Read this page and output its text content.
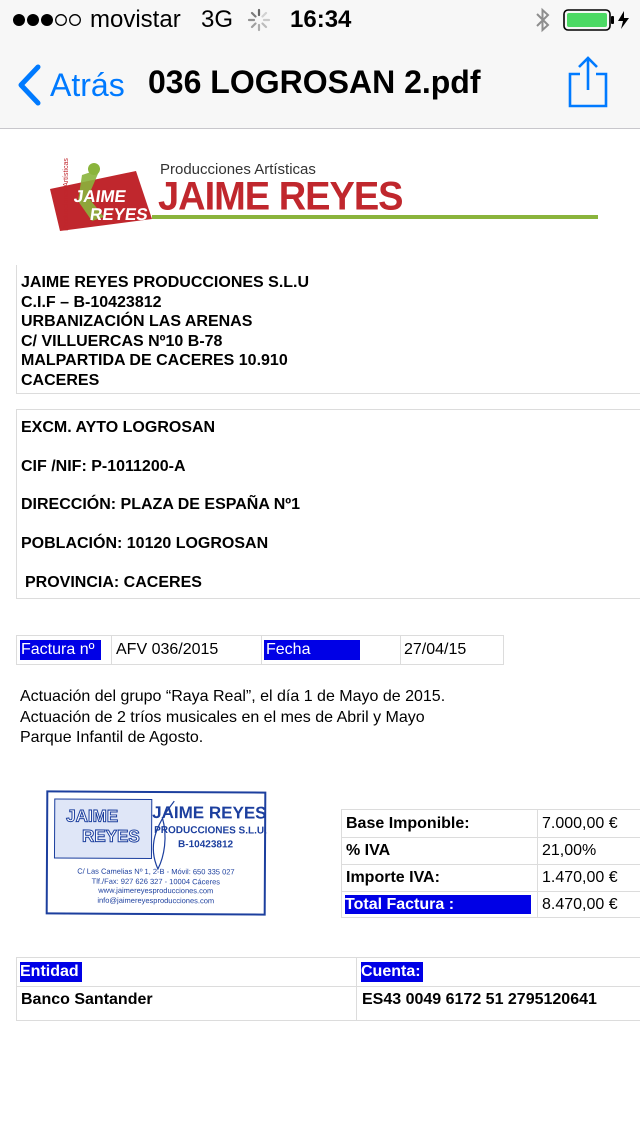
movistar 3G 16:34
Atrás 036 LOGROSAN 2.pdf
JAIME
REYES
Producciones Artísticas	Producciones Artísticas
JAIME REYES
JAIME REYES PRODUCCIONES S.L.U
C.I.F – B-10423812
URBANIZACIÓN LAS ARENAS
C/ VILLUERCAS Nº10 B-78
MALPARTIDA DE CACERES 10.910
CACERES
EXCM. AYTO LOGROSAN
CIF /NIF: P-1011200-A
DIRECCIÓN: PLAZA DE ESPAÑA Nº1
POBLACIÓN: 10120 LOGROSAN
PROVINCIA: CACERES
Factura nº	AFV 036/2015	Fecha	27/04/15
Actuación del grupo “Raya Real”, el día 1 de Mayo de 2015.
Actuación de 2 tríos musicales en el mes de Abril y Mayo
Parque Infantil de Agosto.
JAIME
REYES
JAIME REYES
PRODUCCIONES S.L.U.
B-10423812
C/ Las Camelias Nº 1, 2-B - Móvil: 650 335 027
Tlf./Fax: 927 626 327 - 10004 Cáceres
www.jaimereyesproducciones.com
info@jaimereyesproducciones.com
Base Imponible:	7.000,00 €
% IVA	21,00%
Importe IVA:	1.470,00 €
Total Factura :	8.470,00 €
Entidad	Cuenta:
Banco Santander	ES43 0049 6172 51 2795120641
